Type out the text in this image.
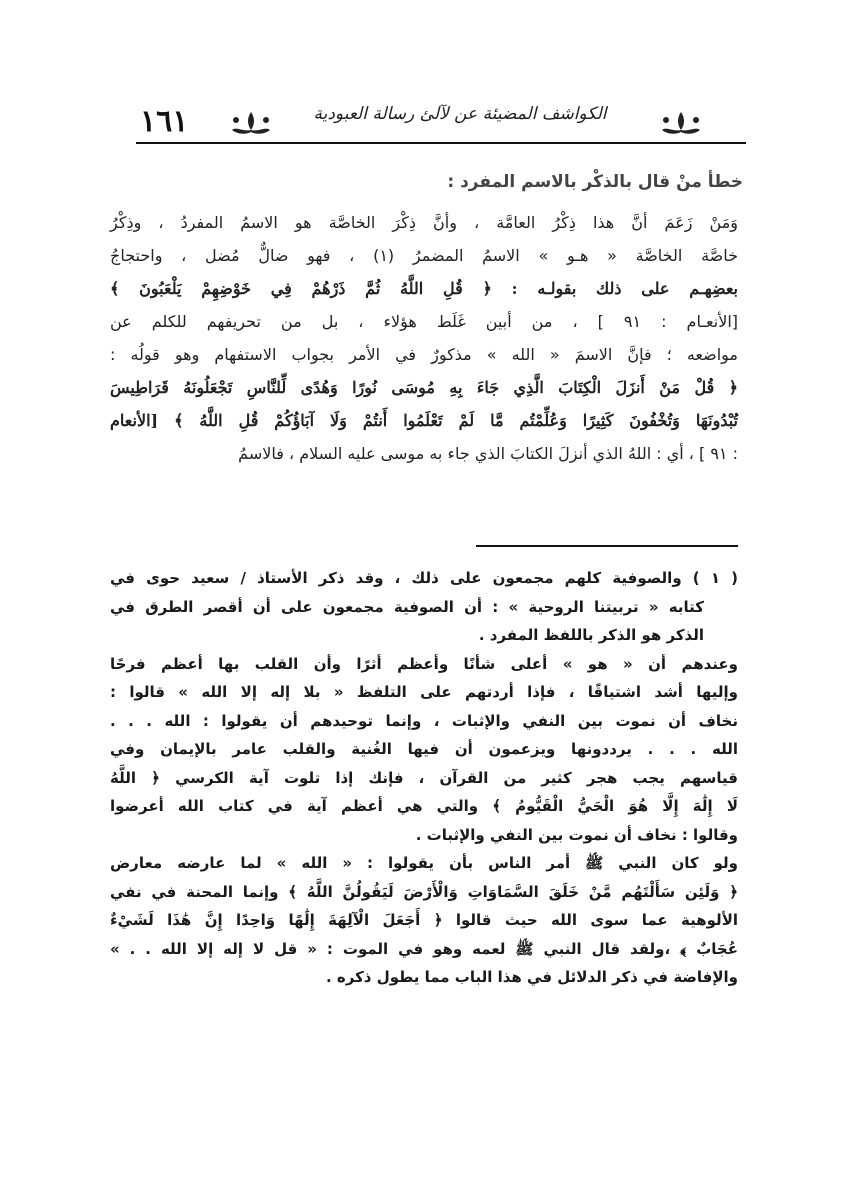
١٦١	الكواشف المضيئة عن لآلئ رسالة العبودية
خطأ منْ قال بالذكْر بالاسم المفرد :

وَمَنْ زَعَمَ أنَّ هذا ذِكْرُ العامَّة ، وأنَّ ذِكْرَ الخاصَّة هو الاسمُ المفردُ ، وذِكْرُ

خاصَّة الخاصَّة « هـو » الاسمُ المضمرُ (١) ، فهو ضالٌّ مُضل ، واحتجاجُ

بعضِهـم على ذلك بقولـه : ﴿ قُلِ اللَّهُ ثُمَّ ذَرْهُمْ فِي خَوْضِهِمْ يَلْعَبُونَ ﴾

[الأنعـام : ٩١ ] ، من أبين غَلَط هؤلاء ، بل من تحريفهم للكلم عن

مواضعه ؛ فإنَّ الاسمَ « الله » مذكورٌ في الأمر بجواب الاستفهام وهو قولُه :

﴿ قُلْ مَنْ أَنزَلَ الْكِتَابَ الَّذِي جَاءَ بِهِ مُوسَى نُورًا وَهُدًى لِّلنَّاسِ تَجْعَلُونَهُ قَرَاطِيسَ

تُبْدُونَهَا وَتُخْفُونَ كَثِيرًا وَعُلِّمْتُم مَّا لَمْ تَعْلَمُوا أَنتُمْ وَلَا آبَاؤُكُمْ قُلِ اللَّهُ ﴾ [الأنعام

: ٩١ ] ، أي : اللهُ الذي أنزلَ الكتابَ الذي جاء به موسى عليه السلام ، فالاسمُ

( ١ ) والصوفية كلهم مجمعون على ذلك ، وقد ذكر الأستاذ / سعيد حوى في

كتابه « تربيتنا الروحية » : أن الصوفية مجمعون على أن أقصر الطرق في

الذكر هو الذكر باللفظ المفرد .

وعندهم أن « هو » أعلى شأنًا وأعظم أثرًا وأن القلب بها أعظم فرحًا

وإليها أشد اشتياقًا ، فإذا أردتهم على التلفظ « بلا إله إلا الله » قالوا :

نخاف أن نموت بين النفي والإثبات ، وإنما توحيدهم أن يقولوا : الله . . .

الله . . . يرددونها ويزعمون أن فيها الغُنية والقلب عامر بالإيمان وفي

قياسهم يجب هجر كثير من القرآن ، فإنك إذا تلوت آية الكرسي ﴿ اللَّهُ

لَا إِلَٰهَ إِلَّا هُوَ الْحَيُّ الْقَيُّومُ ﴾ والتي هي أعظم آية في كتاب الله أعرضوا

وقالوا : نخاف أن نموت بين النفي والإثبات .

ولو كان النبي ﷺ أمر الناس بأن يقولوا : « الله » لما عارضه معارض

﴿ وَلَئِن سَأَلْتَهُم مَّنْ خَلَقَ السَّمَاوَاتِ وَالْأَرْضَ لَيَقُولُنَّ اللَّهُ ﴾ وإنما المحنة في نفي

الألوهية عما سوى الله حيث قالوا ﴿ أَجَعَلَ الْآلِهَةَ إِلَٰهًا وَاحِدًا إِنَّ هَٰذَا لَشَيْءٌ

عُجَابٌ ﴾ ،ولقد قال النبي ﷺ لعمه وهو في الموت : « قل لا إله إلا الله . . »

والإفاضة في ذكر الدلائل في هذا الباب مما يطول ذكره .
